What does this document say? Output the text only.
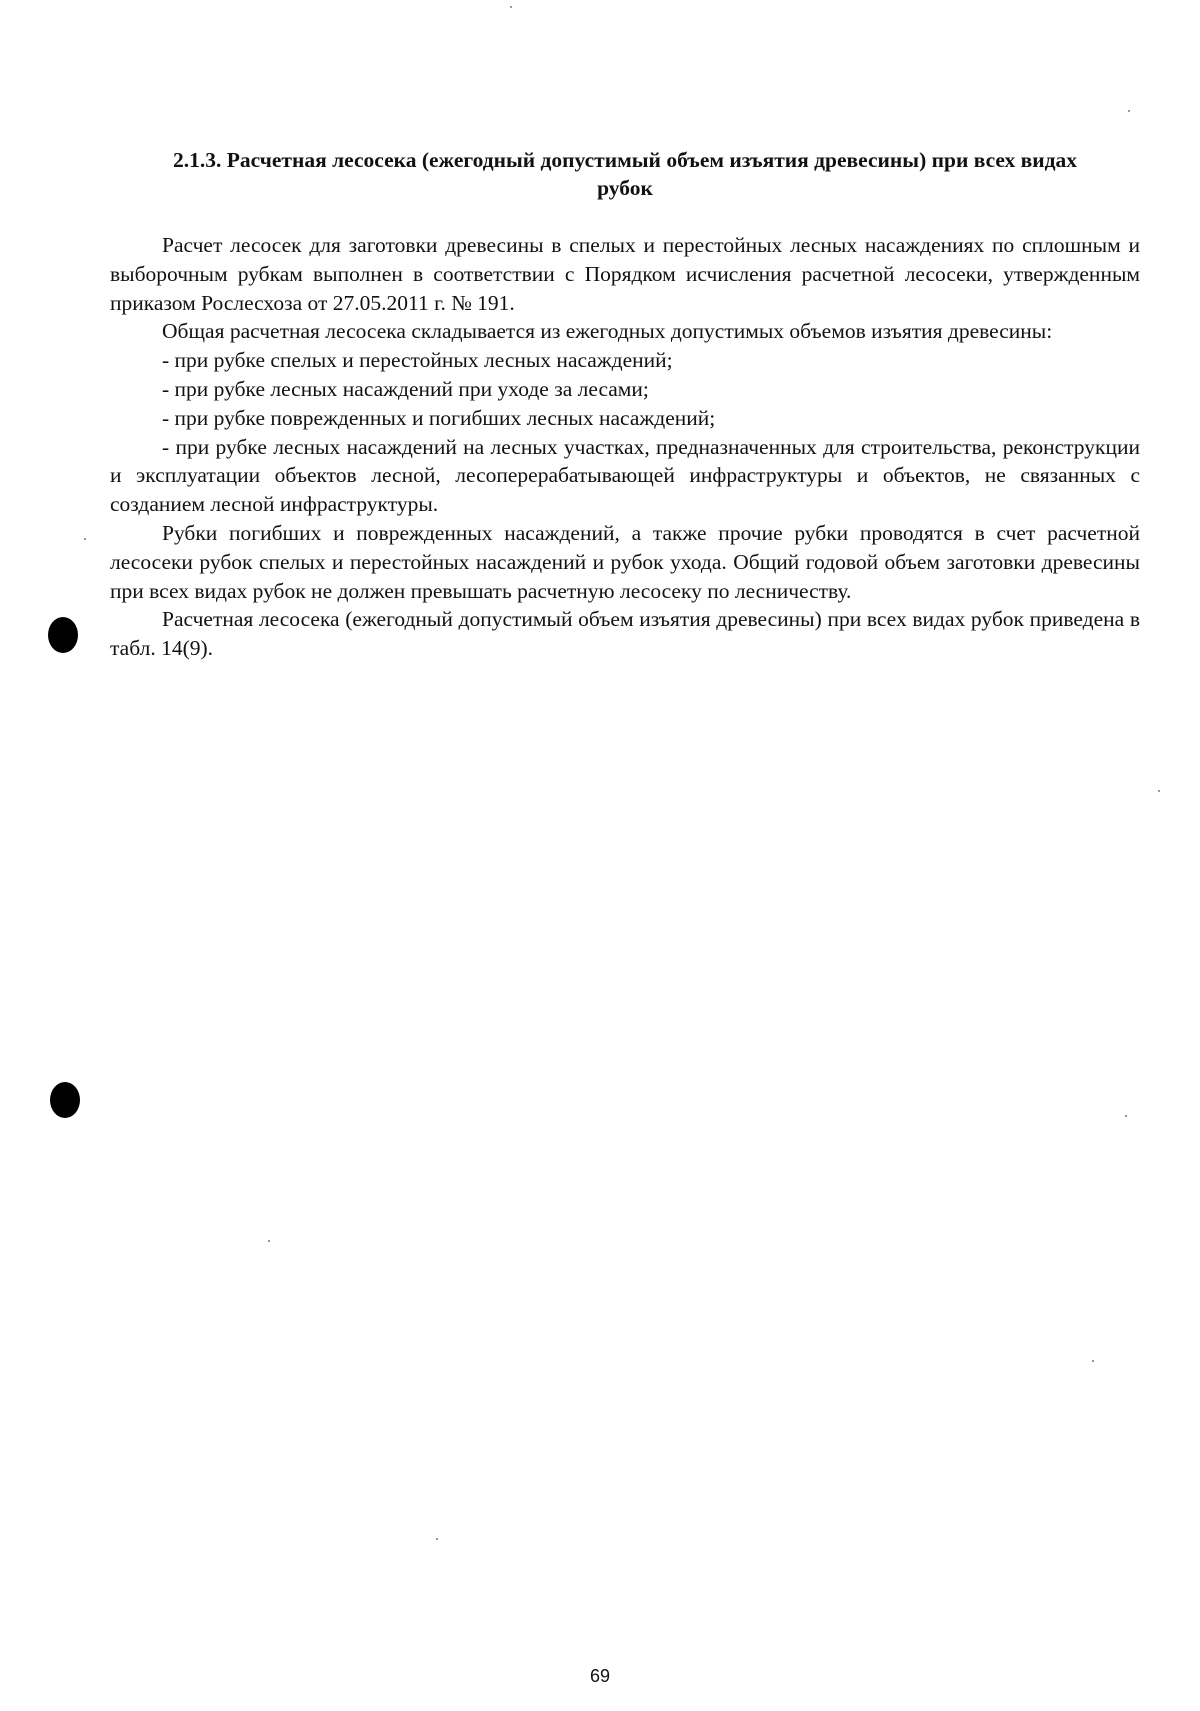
2.1.3. Расчетная лесосека (ежегодный допустимый объем изъятия древесины) при всех видах
рубок

Расчет лесосек для заготовки древесины в спелых и перестойных лесных насаждениях по сплошным и выборочным рубкам выполнен в соответствии с Порядком исчисления расчетной лесосеки, утвержденным приказом Рослесхоза от 27.05.2011 г. № 191.

Общая расчетная лесосека складывается из ежегодных допустимых объемов изъятия древесины:

- при рубке спелых и перестойных лесных насаждений;

- при рубке лесных насаждений при уходе за лесами;

- при рубке поврежденных и погибших лесных насаждений;

- при рубке лесных насаждений на лесных участках, предназначенных для строительства, реконструкции и эксплуатации объектов лесной, лесоперерабатывающей инфраструктуры и объектов, не связанных с созданием лесной инфраструктуры.

Рубки погибших и поврежденных насаждений, а также прочие рубки проводятся в счет расчетной лесосеки рубок спелых и перестойных насаждений и рубок ухода. Общий годовой объем заготовки древесины при всех видах рубок не должен превышать расчетную лесосеку по лесничеству.

Расчетная лесосека (ежегодный допустимый объем изъятия древесины) при всех видах рубок приведена в табл. 14(9).

69
